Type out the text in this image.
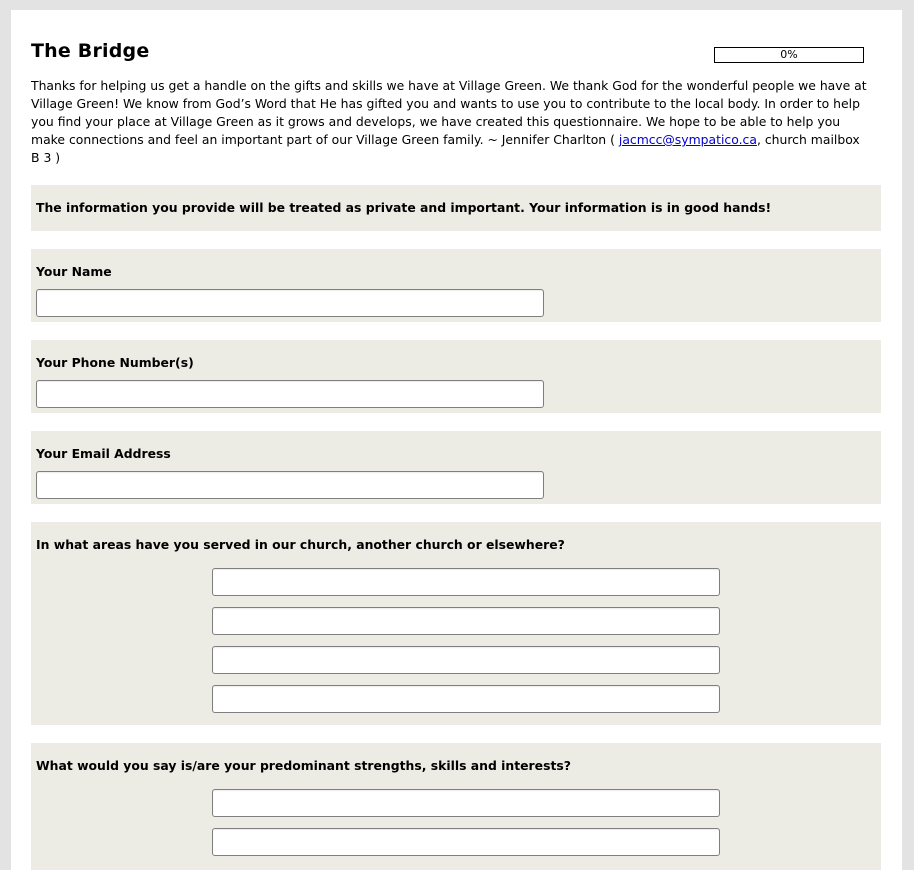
The Bridge	0%

Thanks for helping us get a handle on the gifts and skills we have at Village Green. We thank God for the wonderful people we have at Village Green! We know from God’s Word that He has gifted you and wants to use you to contribute to the local body. In order to help you find your place at Village Green as it grows and develops, we have created this questionnaire. We hope to be able to help you make connections and feel an important part of our Village Green family. ~ Jennifer Charlton ( jacmcc@sympatico.ca, church mailbox B 3 )

The information you provide will be treated as private and important. Your information is in good hands!

Your Name

Your Phone Number(s)

Your Email Address

In what areas have you served in our church, another church or elsewhere?

What would you say is/are your predominant strengths, skills and interests?
